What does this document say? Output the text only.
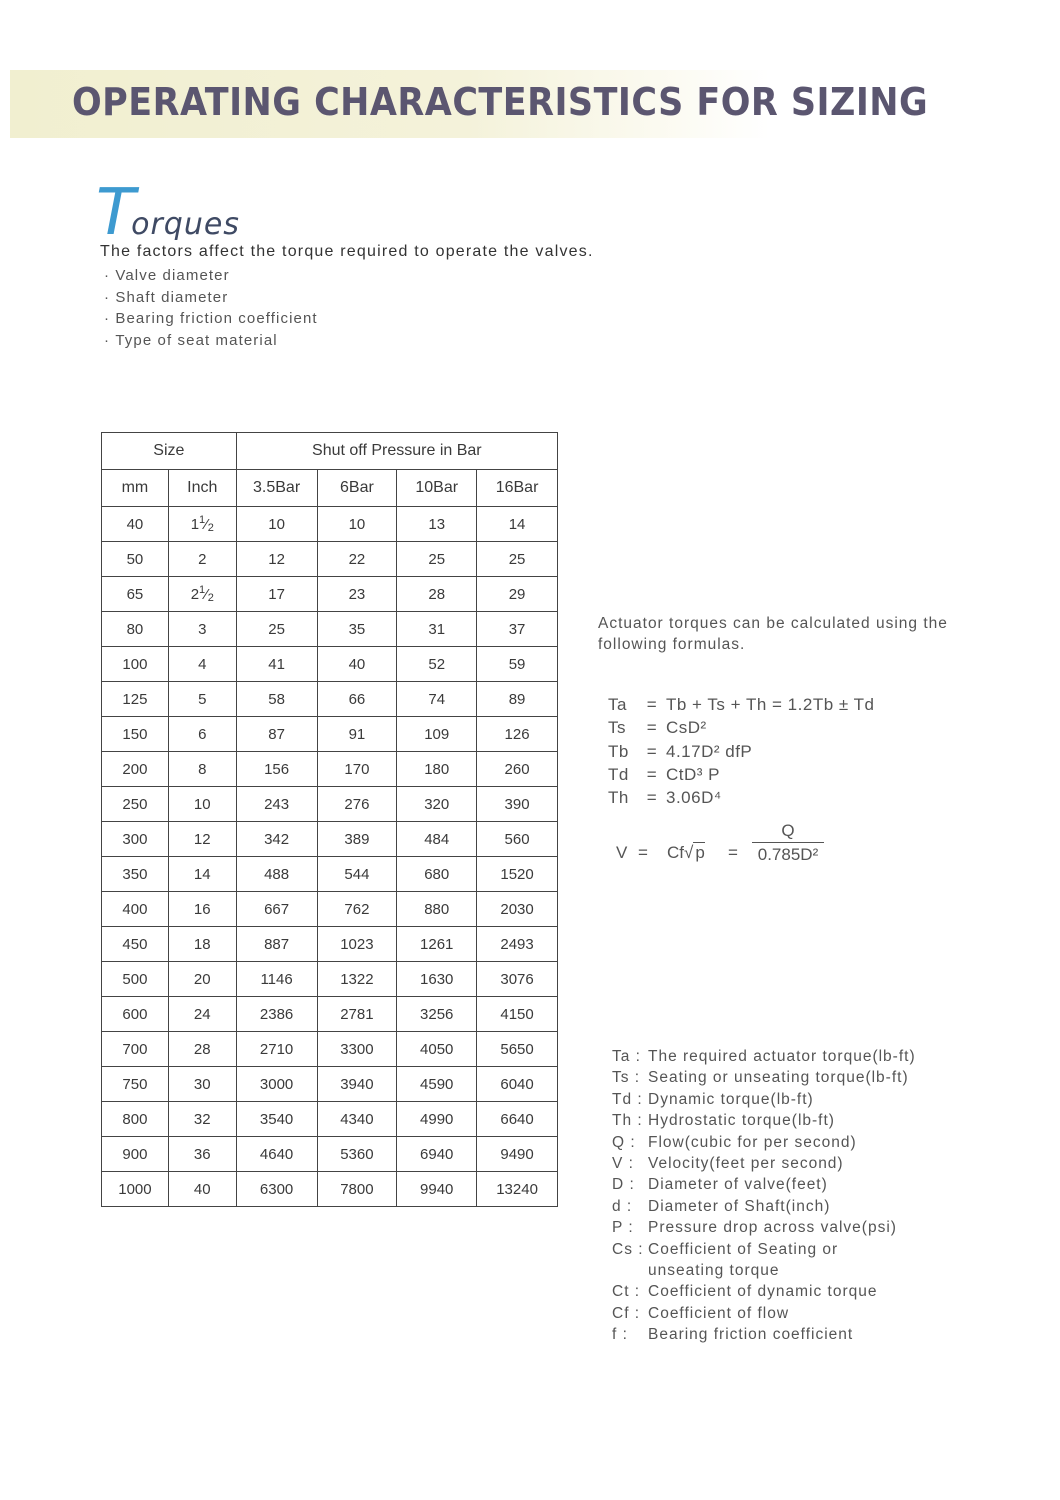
OPERATING CHARACTERISTICS FOR SIZING
Torques
The factors affect the torque required to operate the valves.
· Valve diameter
· Shaft diameter
· Bearing friction coefficient
· Type of seat material
Size		Shut off Pressure in Bar			
mm	Inch	3.5Bar	6Bar	10Bar	16Bar
40	$1^1⁄_2$	10	10	13	14
50	2	12	22	25	25
65	$2^1⁄_2$	17	23	28	29
80	3	25	35	31	37
100	4	41	40	52	59
125	5	58	66	74	89
150	6	87	91	109	126
200	8	156	170	180	260
250	10	243	276	320	390
300	12	342	389	484	560
350	14	488	544	680	1520
400	16	667	762	880	2030
450	18	887	1023	1261	2493
500	20	1146	1322	1630	3076
600	24	2386	2781	3256	4150
700	28	2710	3300	4050	5650
750	30	3000	3940	4590	6040
800	32	3540	4340	4990	6640
900	36	4640	5360	6940	9490
1000	40	6300	7800	9940	13240
Actuator torques can be calculated using the following formulas.
Ta = Tb + Ts + Th = 1.2Tb ± Td
Ts = CsD²
Tb = 4.17D² dfP
Td = CtD³ P
Th = 3.06D⁴
V = Cf√ p =
Q
0.785D²
Ta : The required actuator torque(lb-ft)
Ts : Seating or unseating torque(lb-ft)
Td : Dynamic torque(lb-ft)
Th : Hydrostatic torque(lb-ft)
Q : Flow(cubic for per second)
V : Velocity(feet per second)
D : Diameter of valve(feet)
d : Diameter of Shaft(inch)
P : Pressure drop across valve(psi)
Cs : Coefficient of Seating or
unseating torque
Ct : Coefficient of dynamic torque
Cf : Coefficient of flow
f : Bearing friction coefficient
